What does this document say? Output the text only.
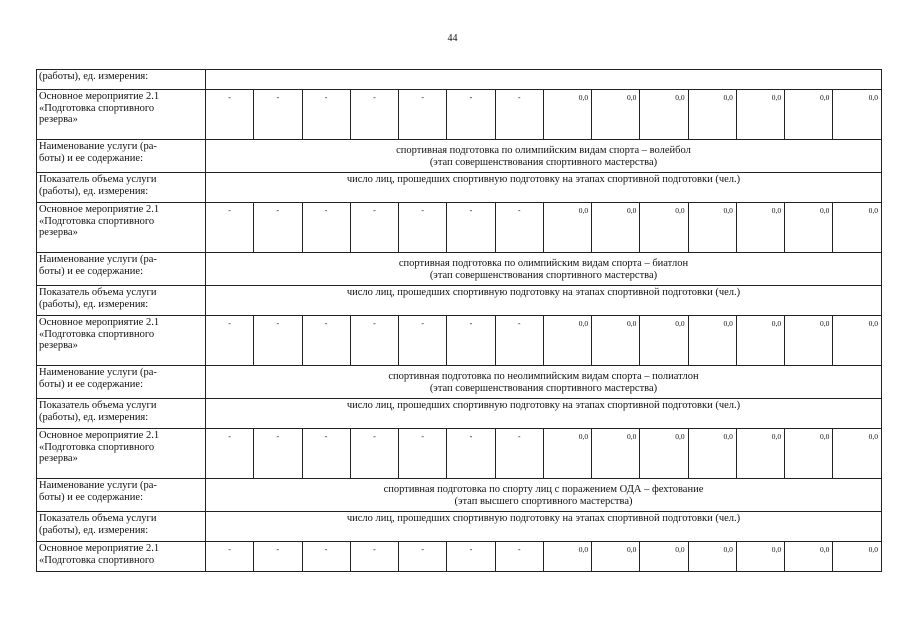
44
(работы), ед. измерения:														
Основное мероприятие 2.1
«Подготовка спортивного
резерва»	-	-	-	-	-	-	-	0,0	0,0	0,0	0,0	0,0	0,0	0,0
Наименование услуги (ра-
боты) и ее содержание:	спортивная подготовка по олимпийским видам спорта – волейбол
(этап совершенствования спортивного мастерства)													
Показатель объема услуги
(работы), ед. измерения:	число лиц, прошедших спортивную подготовку на этапах спортивной подготовки (чел.)													
Основное мероприятие 2.1
«Подготовка спортивного
резерва»	-	-	-	-	-	-	-	0,0	0,0	0,0	0,0	0,0	0,0	0,0
Наименование услуги (ра-
боты) и ее содержание:	спортивная подготовка по олимпийским видам спорта – биатлон
(этап совершенствования спортивного мастерства)													
Показатель объема услуги
(работы), ед. измерения:	число лиц, прошедших спортивную подготовку на этапах спортивной подготовки (чел.)													
Основное мероприятие 2.1
«Подготовка спортивного
резерва»	-	-	-	-	-	-	-	0,0	0,0	0,0	0,0	0,0	0,0	0,0
Наименование услуги (ра-
боты) и ее содержание:	спортивная подготовка по неолимпийским видам спорта – полиатлон
(этап совершенствования спортивного мастерства)													
Показатель объема услуги
(работы), ед. измерения:	число лиц, прошедших спортивную подготовку на этапах спортивной подготовки (чел.)													
Основное мероприятие 2.1
«Подготовка спортивного
резерва»	-	-	-	-	-	-	-	0,0	0,0	0,0	0,0	0,0	0,0	0,0
Наименование услуги (ра-
боты) и ее содержание:	спортивная подготовка по спорту лиц с поражением ОДА – фехтование
(этап высшего спортивного мастерства)													
Показатель объема услуги
(работы), ед. измерения:	число лиц, прошедших спортивную подготовку на этапах спортивной подготовки (чел.)													
Основное мероприятие 2.1
«Подготовка спортивного	-	-	-	-	-	-	-	0,0	0,0	0,0	0,0	0,0	0,0	0,0
